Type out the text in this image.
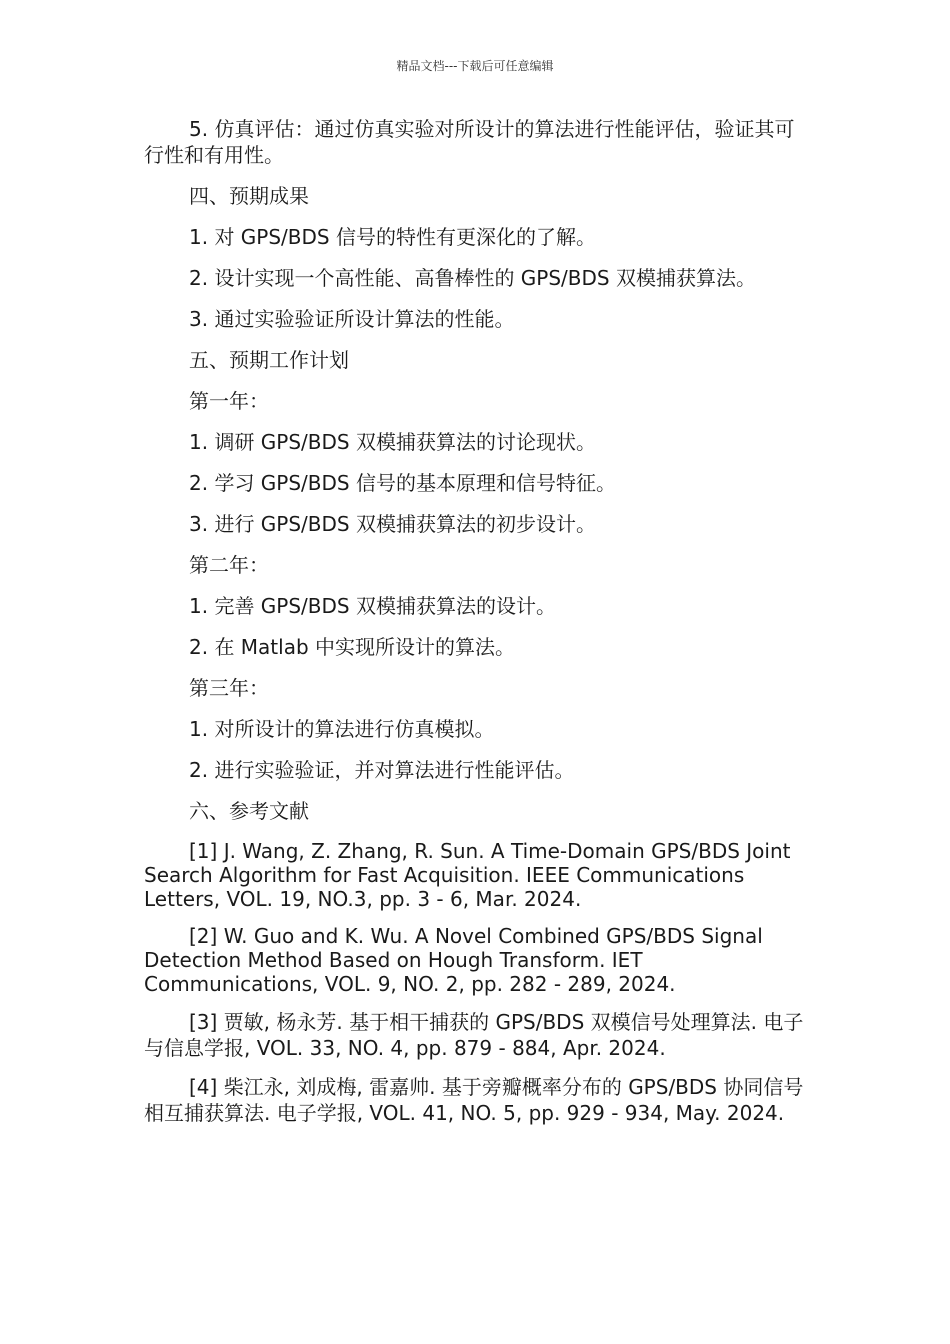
精品文档---下载后可任意编辑

5. 仿真评估：通过仿真实验对所设计的算法进行性能评估，验证其可行性和有用性。

四、预期成果

1. 对 GPS/BDS 信号的特性有更深化的了解。

2. 设计实现一个高性能、高鲁棒性的 GPS/BDS 双模捕获算法。

3. 通过实验验证所设计算法的性能。

五、预期工作计划

第一年：

1. 调研 GPS/BDS 双模捕获算法的讨论现状。

2. 学习 GPS/BDS 信号的基本原理和信号特征。

3. 进行 GPS/BDS 双模捕获算法的初步设计。

第二年：

1. 完善 GPS/BDS 双模捕获算法的设计。

2. 在 Matlab 中实现所设计的算法。

第三年：

1. 对所设计的算法进行仿真模拟。

2. 进行实验验证，并对算法进行性能评估。

六、参考文献

[1] J. Wang, Z. Zhang, R. Sun. A Time-Domain GPS/BDS Joint Search Algorithm for Fast Acquisition. IEEE Communications Letters, VOL. 19, NO.3, pp. 3 - 6, Mar. 2024.

[2] W. Guo and K. Wu. A Novel Combined GPS/BDS Signal Detection Method Based on Hough Transform. IET Communications, VOL. 9, NO. 2, pp. 282 - 289, 2024.

[3] 贾敏, 杨永芳. 基于相干捕获的 GPS/BDS 双模信号处理算法. 电子与信息学报, VOL. 33, NO. 4, pp. 879 - 884, Apr. 2024.

[4] 柴江永, 刘成梅, 雷嘉帅. 基于旁瓣概率分布的 GPS/BDS 协同信号相互捕获算法. 电子学报, VOL. 41, NO. 5, pp. 929 - 934, May. 2024.
